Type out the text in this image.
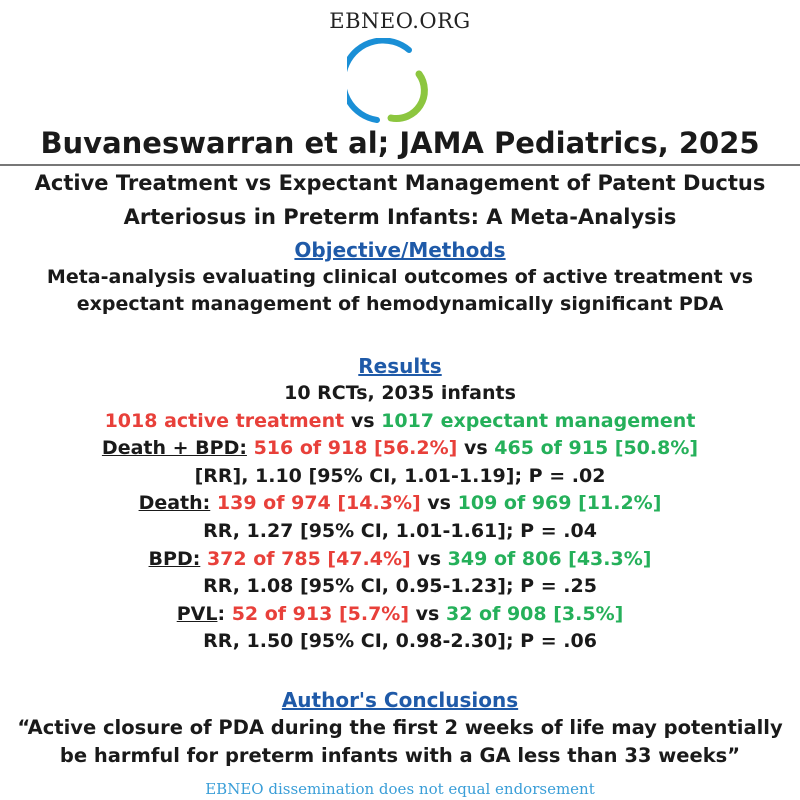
EBNEO.ORG
Buvaneswarran et al; JAMA Pediatrics, 2025
Active Treatment vs Expectant Management of Patent Ductus
Arteriosus in Preterm Infants: A Meta-Analysis
Objective/Methods
Meta-analysis evaluating clinical outcomes of active treatment vs
expectant management of hemodynamically significant PDA
Results
10 RCTs, 2035 infants
1018 active treatment vs 1017 expectant management
Death + BPD: 516 of 918 [56.2%] vs 465 of 915 [50.8%]
[RR], 1.10 [95% CI, 1.01-1.19]; P = .02
Death: 139 of 974 [14.3%] vs 109 of 969 [11.2%]
RR, 1.27 [95% CI, 1.01-1.61]; P = .04
BPD: 372 of 785 [47.4%] vs 349 of 806 [43.3%]
RR, 1.08 [95% CI, 0.95-1.23]; P = .25
PVL: 52 of 913 [5.7%] vs 32 of 908 [3.5%]
RR, 1.50 [95% CI, 0.98-2.30]; P = .06
Author's Conclusions
“Active closure of PDA during the first 2 weeks of life may potentially
be harmful for preterm infants with a GA less than 33 weeks”
EBNEO dissemination does not equal endorsement
